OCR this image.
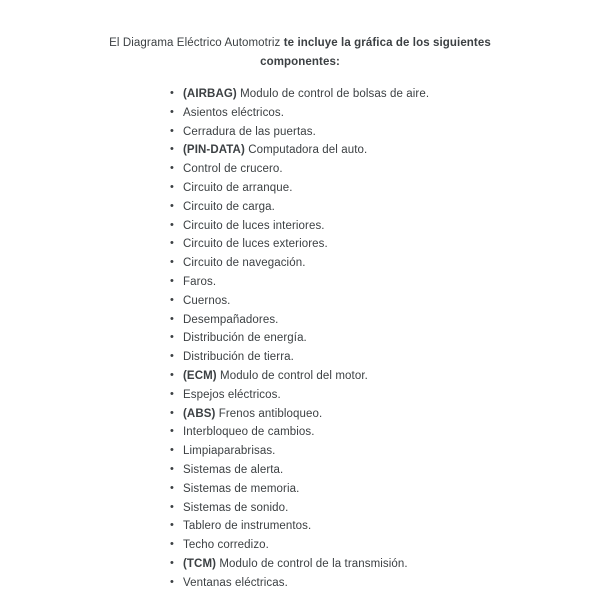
El Diagrama Eléctrico Automotriz te incluye la gráfica de los siguientes componentes:

• (AIRBAG) Modulo de control de bolsas de aire.
• Asientos eléctricos.
• Cerradura de las puertas.
• (PIN-DATA) Computadora del auto.
• Control de crucero.
• Circuito de arranque.
• Circuito de carga.
• Circuito de luces interiores.
• Circuito de luces exteriores.
• Circuito de navegación.
• Faros.
• Cuernos.
• Desempañadores.
• Distribución de energía.
• Distribución de tierra.
• (ECM) Modulo de control del motor.
• Espejos eléctricos.
• (ABS) Frenos antibloqueo.
• Interbloqueo de cambios.
• Limpiaparabrisas.
• Sistemas de alerta.
• Sistemas de memoria.
• Sistemas de sonido.
• Tablero de instrumentos.
• Techo corredizo.
• (TCM) Modulo de control de la transmisión.
• Ventanas eléctricas.
